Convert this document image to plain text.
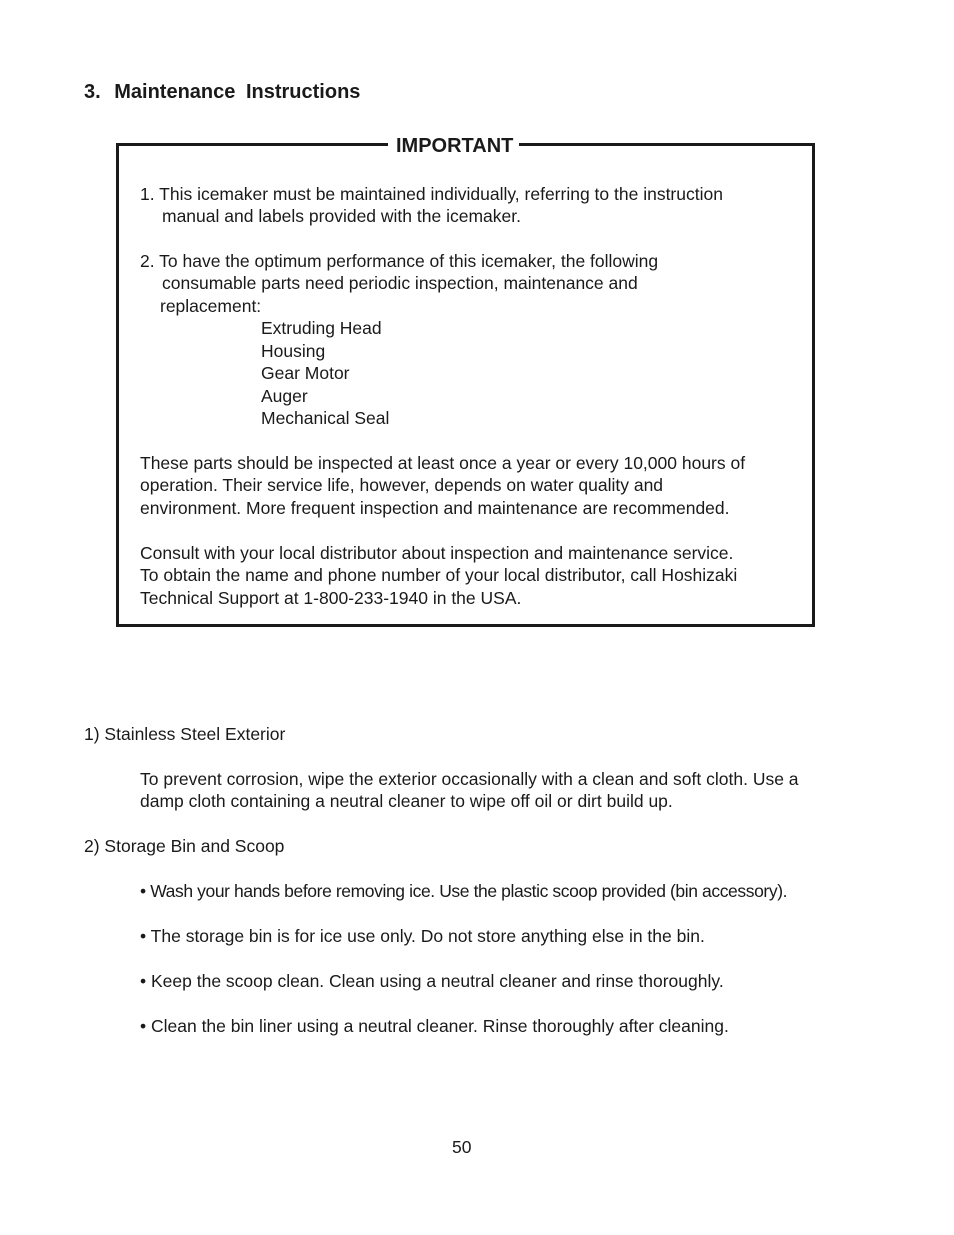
3. Maintenance Instructions
IMPORTANT
1. This icemaker must be maintained individually, referring to the instruction
manual and labels provided with the icemaker.
2. To have the optimum performance of this icemaker, the following
consumable parts need periodic inspection, maintenance and
replacement:
Extruding Head
Housing
Gear Motor
Auger
Mechanical Seal
These parts should be inspected at least once a year or every 10,000 hours of
operation. Their service life, however, depends on water quality and
environment. More frequent inspection and maintenance are recommended.
Consult with your local distributor about inspection and maintenance service.
To obtain the name and phone number of your local distributor, call Hoshizaki
Technical Support at 1-800-233-1940 in the USA.
1) Stainless Steel Exterior
To prevent corrosion, wipe the exterior occasionally with a clean and soft cloth. Use a
damp cloth containing a neutral cleaner to wipe off oil or dirt build up.
2) Storage Bin and Scoop
• Wash your hands before removing ice. Use the plastic scoop provided (bin accessory).
• The storage bin is for ice use only. Do not store anything else in the bin.
• Keep the scoop clean. Clean using a neutral cleaner and rinse thoroughly.
• Clean the bin liner using a neutral cleaner. Rinse thoroughly after cleaning.
50
